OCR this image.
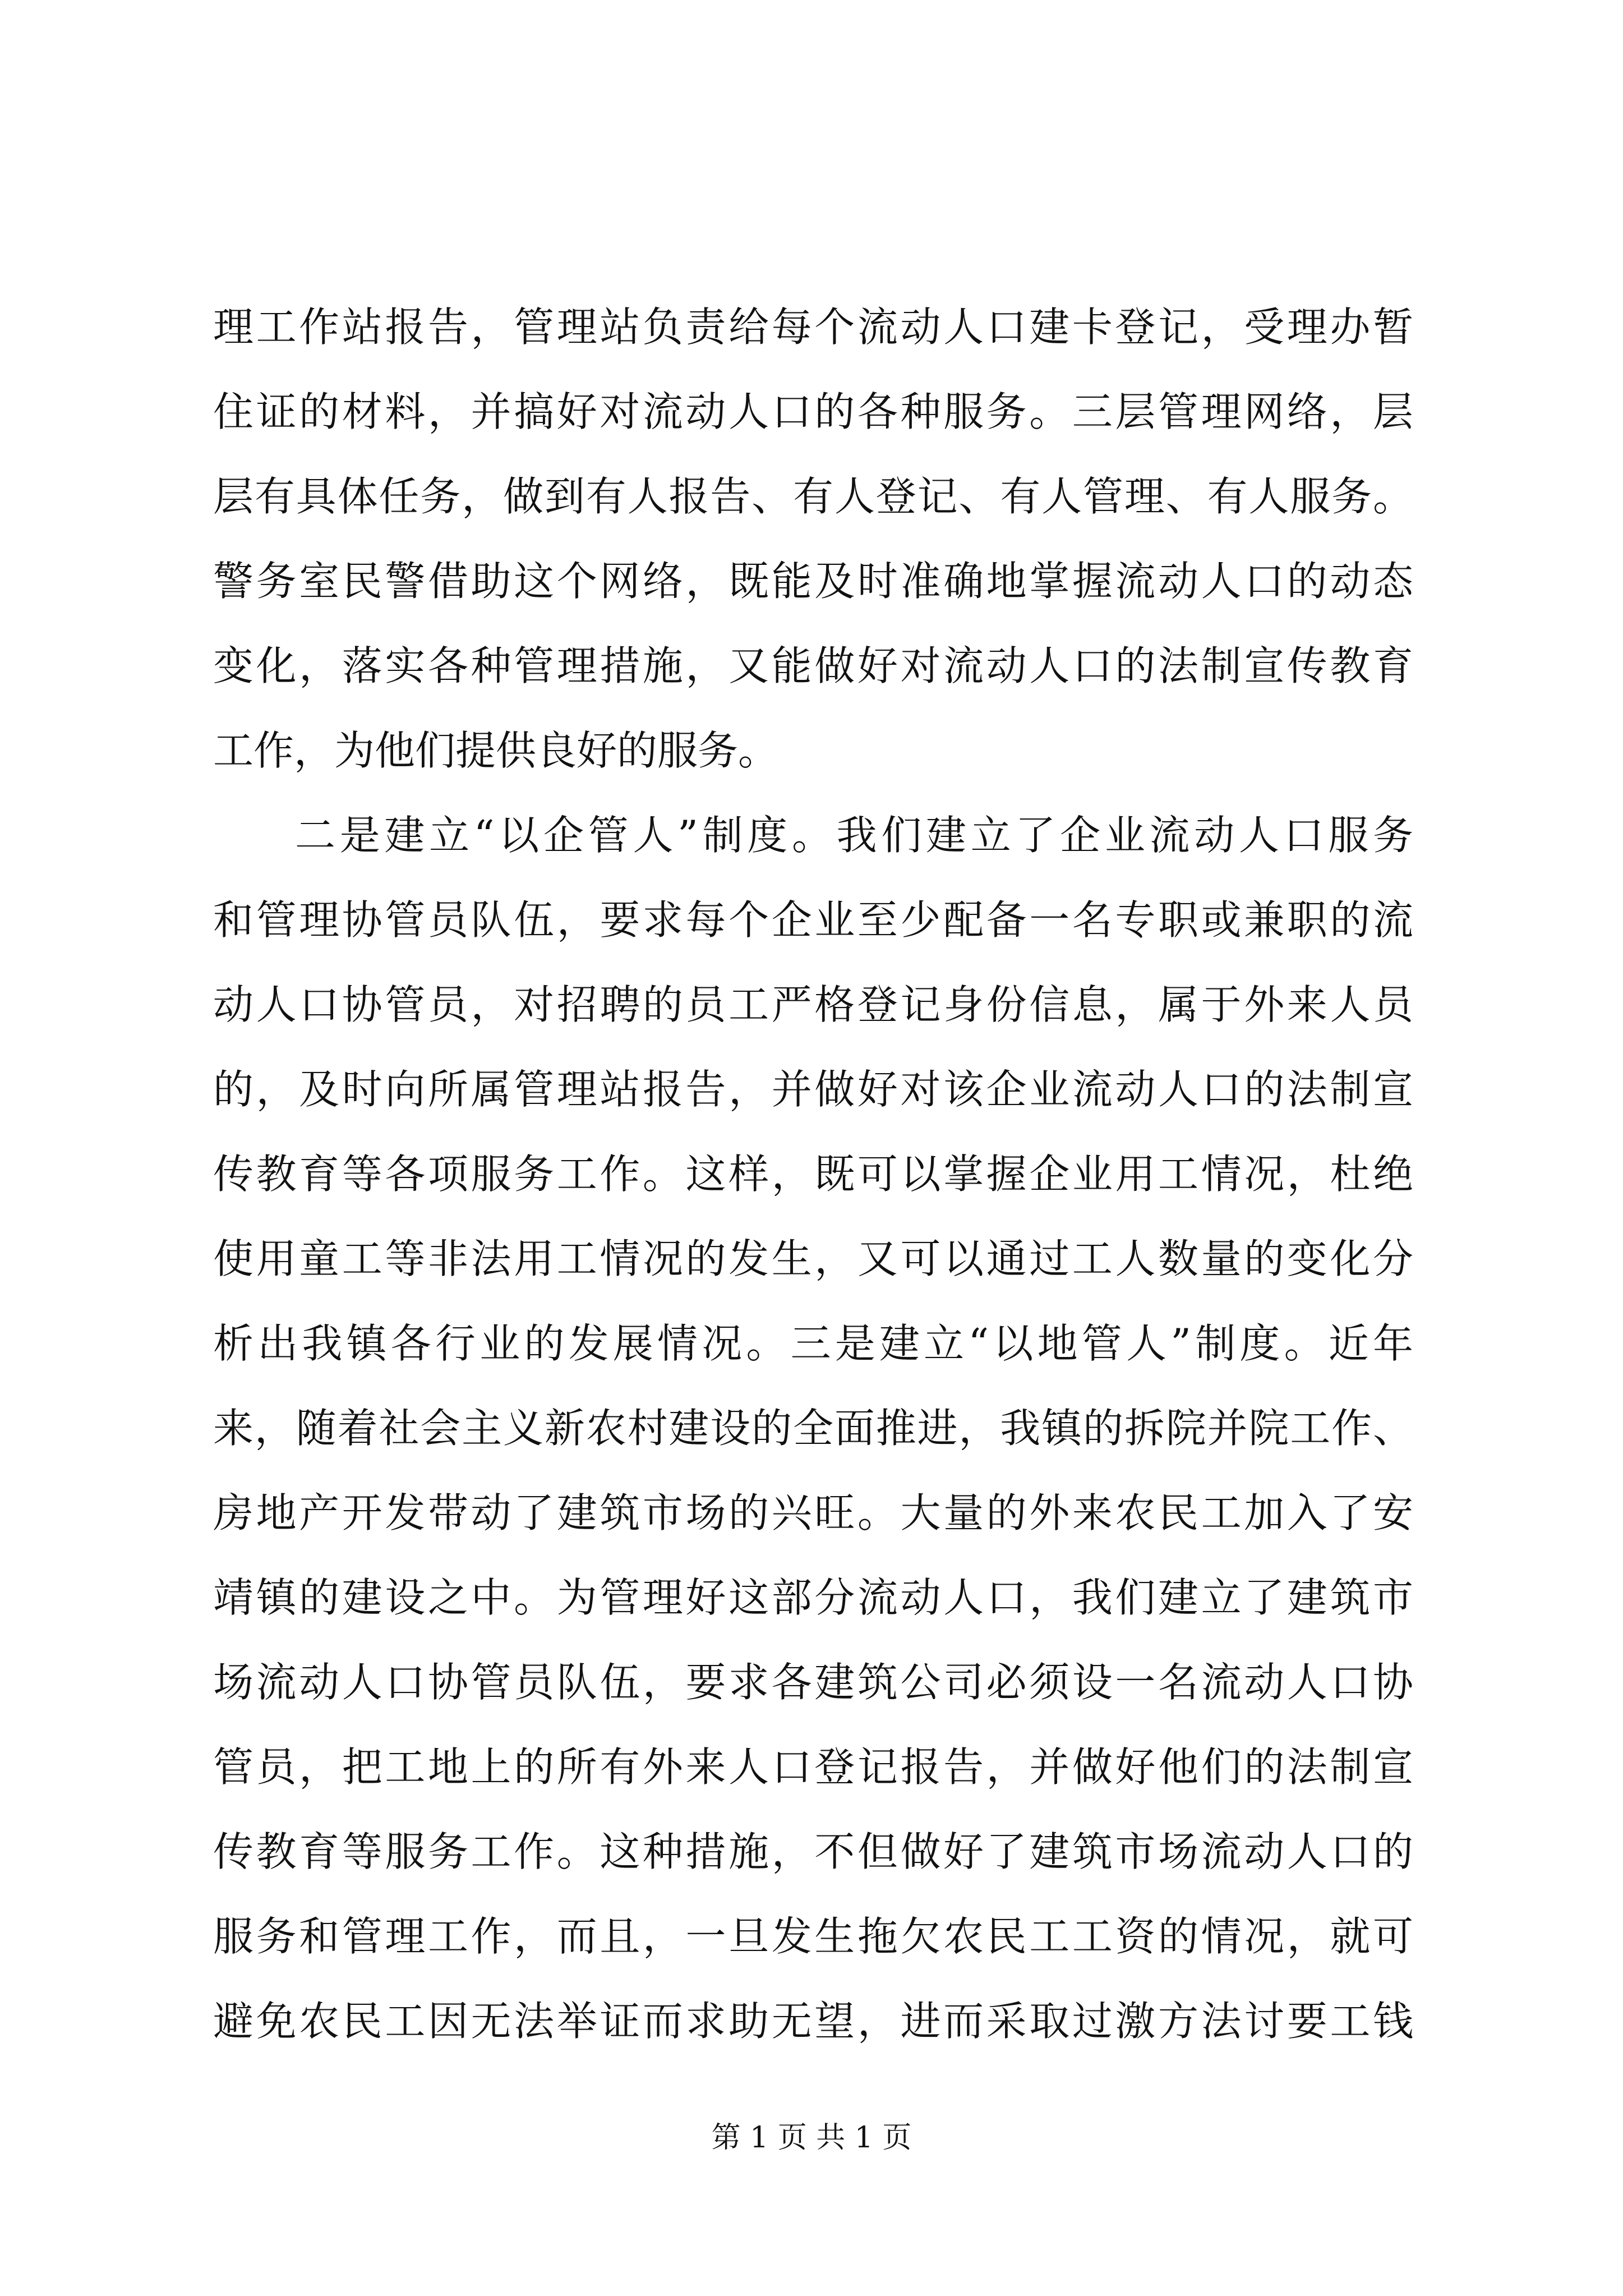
理工作站报告，管理站负责给每个流动人口建卡登记，受理办暂
住证的材料，并搞好对流动人口的各种服务。三层管理网络，层
层有具体任务，做到有人报告、有人登记、有人管理、有人服务。
警务室民警借助这个网络，既能及时准确地掌握流动人口的动态
变化，落实各种管理措施，又能做好对流动人口的法制宣传教育
工作，为他们提供良好的服务。
二是建立“以企管人”制度。我们建立了企业流动人口服务
和管理协管员队伍，要求每个企业至少配备一名专职或兼职的流
动人口协管员，对招聘的员工严格登记身份信息，属于外来人员
的，及时向所属管理站报告，并做好对该企业流动人口的法制宣
传教育等各项服务工作。这样，既可以掌握企业用工情况，杜绝
使用童工等非法用工情况的发生，又可以通过工人数量的变化分
析出我镇各行业的发展情况。三是建立“以地管人”制度。近年
来，随着社会主义新农村建设的全面推进，我镇的拆院并院工作、
房地产开发带动了建筑市场的兴旺。大量的外来农民工加入了安
靖镇的建设之中。为管理好这部分流动人口，我们建立了建筑市
场流动人口协管员队伍，要求各建筑公司必须设一名流动人口协
管员，把工地上的所有外来人口登记报告，并做好他们的法制宣
传教育等服务工作。这种措施，不但做好了建筑市场流动人口的
服务和管理工作，而且，一旦发生拖欠农民工工资的情况，就可
避免农民工因无法举证而求助无望，进而采取过激方法讨要工钱
第 1 页 共 1 页
